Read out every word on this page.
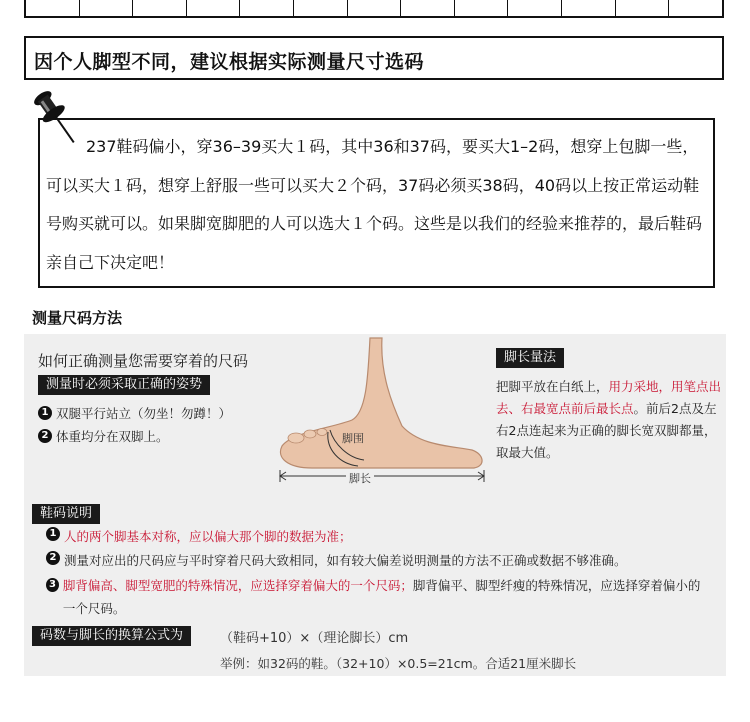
因个人脚型不同，建议根据实际测量尺寸选码
237鞋码偏小，穿36–39买大１码，其中36和37码，要买大1–2码，想穿上包脚一些，可以买大１码，想穿上舒服一些可以买大２个码，37码必须买38码，40码以上按正常运动鞋号购买就可以。如果脚宽脚肥的人可以选大１个码。这些是以我们的经验来推荐的，最后鞋码亲自己下决定吧！
测量尺码方法
如何正确测量您需要穿着的尺码
测量时必须采取正确的姿势
1 双腿平行站立（勿坐！勿蹲！）
2 体重均分在双脚上。	脚围
脚长
脚长量法
把脚平放在白纸上，用力采地，用笔点出去、右最宽点前后最长点。前后2点及左右2点连起来为正确的脚长宽双脚都量，取最大值。
鞋码说明
1 人的两个脚基本对称，应以偏大那个脚的数据为准；
2 测量对应出的尺码应与平时穿着尺码大致相同，如有较大偏差说明测量的方法不正确或数据不够准确。
3 脚背偏高、脚型宽肥的特殊情况，应选择穿着偏大的一个尺码；脚背偏平、脚型纤瘦的特殊情况，应选择穿着偏小的一个尺码。
码数与脚长的换算公式为	（鞋码+10）×（理论脚长）cm
举例：如32码的鞋。（32+10）×0.5=21cm。合适21厘米脚长
